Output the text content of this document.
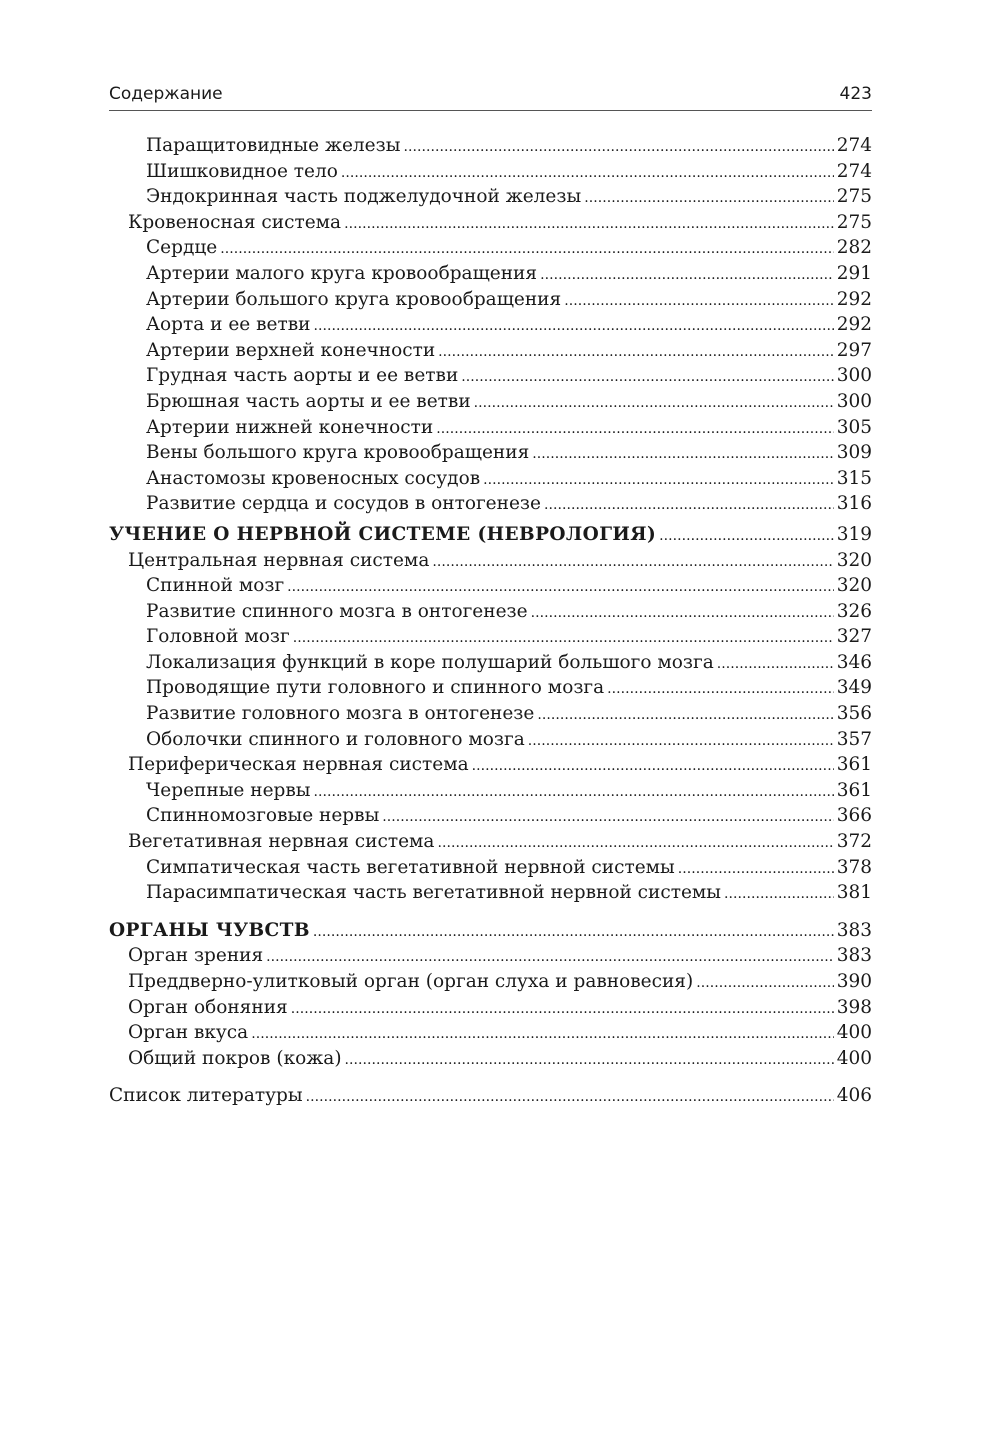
Содержание	423
Паращитовидные железы . . .	274
Шишковидное тело . . .	274
Эндокринная часть поджелудочной железы . . .	275
Кровеносная система . . .	275
Сердце . . .	282
Артерии малого круга кровообращения . . .	291
Артерии большого круга кровообращения . . .	292
Аорта и ее ветви . . .	292
Артерии верхней конечности . . .	297
Грудная часть аорты и ее ветви . . .	300
Брюшная часть аорты и ее ветви . . .	300
Артерии нижней конечности . . .	305
Вены большого круга кровообращения . . .	309
Анастомозы кровеносных сосудов . . .	315
Развитие сердца и сосудов в онтогенезе . . .	316
УЧЕНИЕ О НЕРВНОЙ СИСТЕМЕ (НЕВРОЛОГИЯ) . . .	319
Центральная нервная система . . .	320
Спинной мозг . . .	320
Развитие спинного мозга в онтогенезе . . .	326
Головной мозг . . .	327
Локализация функций в коре полушарий большого мозга . . .	346
Проводящие пути головного и спинного мозга . . .	349
Развитие головного мозга в онтогенезе . . .	356
Оболочки спинного и головного мозга . . .	357
Периферическая нервная система . . .	361
Черепные нервы . . .	361
Спинномозговые нервы . . .	366
Вегетативная нервная система . . .	372
Симпатическая часть вегетативной нервной системы . . .	378
Парасимпатическая часть вегетативной нервной системы . . .	381
ОРГАНЫ ЧУВСТВ . . .	383
Орган зрения . . .	383
Преддверно-улитковый орган (орган слуха и равновесия) . . .	390
Орган обоняния . . .	398
Орган вкуса . . .	400
Общий покров (кожа) . . .	400
Список литературы . . .	406
